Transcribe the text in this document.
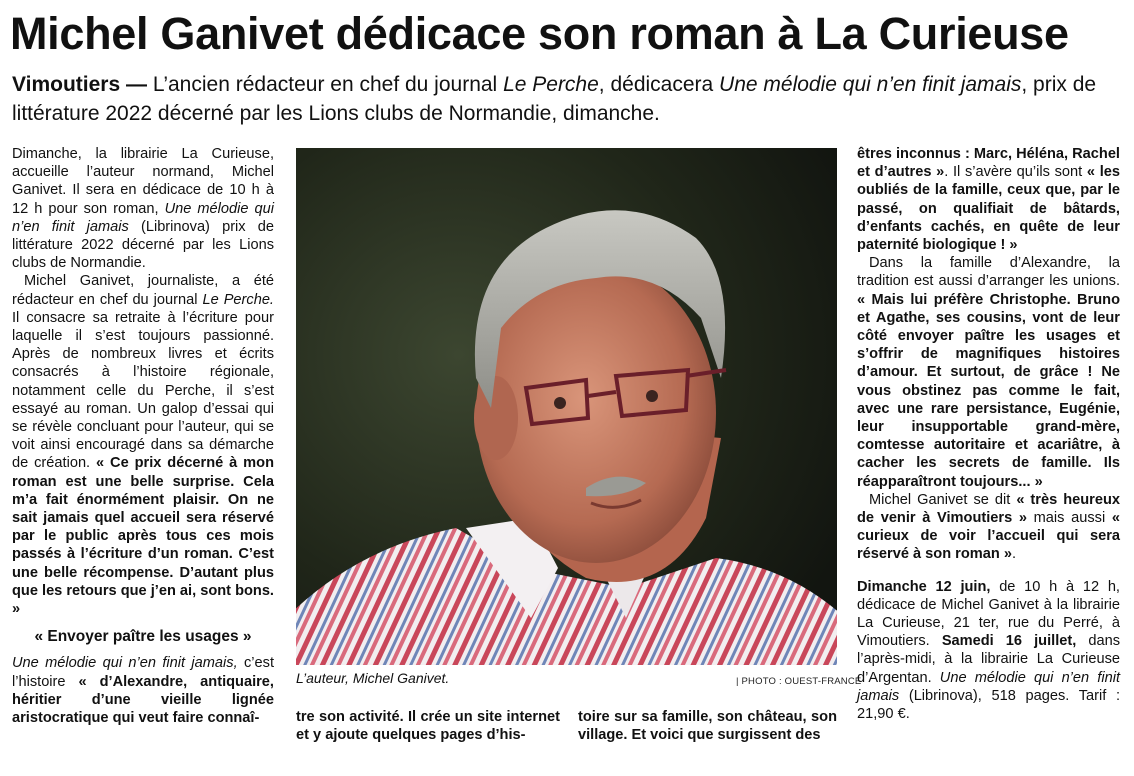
Michel Ganivet dédicace son roman à La Curieuse

Vimoutiers — L’ancien rédacteur en chef du journal Le Perche, dédicacera Une mélodie qui n’en finit jamais, prix de littérature 2022 décerné par les Lions clubs de Normandie, dimanche.

Dimanche, la librairie La Curieuse, accueille l’auteur normand, Michel Ganivet. Il sera en dédicace de 10 h à 12 h pour son roman, Une mélodie qui n’en finit jamais (Librinova) prix de littérature 2022 décerné par les Lions clubs de Normandie.

Michel Ganivet, journaliste, a été rédacteur en chef du journal Le Perche. Il consacre sa retraite à l’écriture pour laquelle il s’est toujours passionné. Après de nombreux livres et écrits consacrés à l’histoire régionale, notamment celle du Perche, il s’est essayé au roman. Un galop d’essai qui se révèle concluant pour l’auteur, qui se voit ainsi encouragé dans sa démarche de création. « Ce prix décerné à mon roman est une belle surprise. Cela m’a fait énormément plaisir. On ne sait jamais quel accueil sera réservé par le public après tous ces mois passés à l’écriture d’un roman. C’est une belle récompense. D’autant plus que les retours que j’en ai, sont bons. »

« Envoyer paître les usages »

Une mélodie qui n’en finit jamais, c’est l’histoire « d’Alexandre, antiquaire, héritier d’une vieille lignée aristocratique qui veut faire connaî-

L’auteur, Michel Ganivet.	| PHOTO : OUEST-FRANCE

tre son activité. Il crée un site internet et y ajoute quelques pages d’his-

toire sur sa famille, son château, son village. Et voici que surgissent des

êtres inconnus : Marc, Héléna, Rachel et d’autres ». Il s’avère qu’ils sont « les oubliés de la famille, ceux que, par le passé, on qualifiait de bâtards, d’enfants cachés, en quête de leur paternité biologique ! »

Dans la famille d’Alexandre, la tradition est aussi d’arranger les unions. « Mais lui préfère Christophe. Bruno et Agathe, ses cousins, vont de leur côté envoyer paître les usages et s’offrir de magnifiques histoires d’amour. Et surtout, de grâce ! Ne vous obstinez pas comme le fait, avec une rare persistance, Eugénie, leur insupportable grand-mère, comtesse autoritaire et acariâtre, à cacher les secrets de famille. Ils réapparaîtront toujours... »

Michel Ganivet se dit « très heureux de venir à Vimoutiers » mais aussi « curieux de voir l’accueil qui sera réservé à son roman ».

Dimanche 12 juin, de 10 h à 12 h, dédicace de Michel Ganivet à la librairie La Curieuse, 21 ter, rue du Perré, à Vimoutiers. Samedi 16 juillet, dans l’après-midi, à la librairie La Curieuse d’Argentan. Une mélodie qui n’en finit jamais (Librinova), 518 pages. Tarif : 21,90 €.
